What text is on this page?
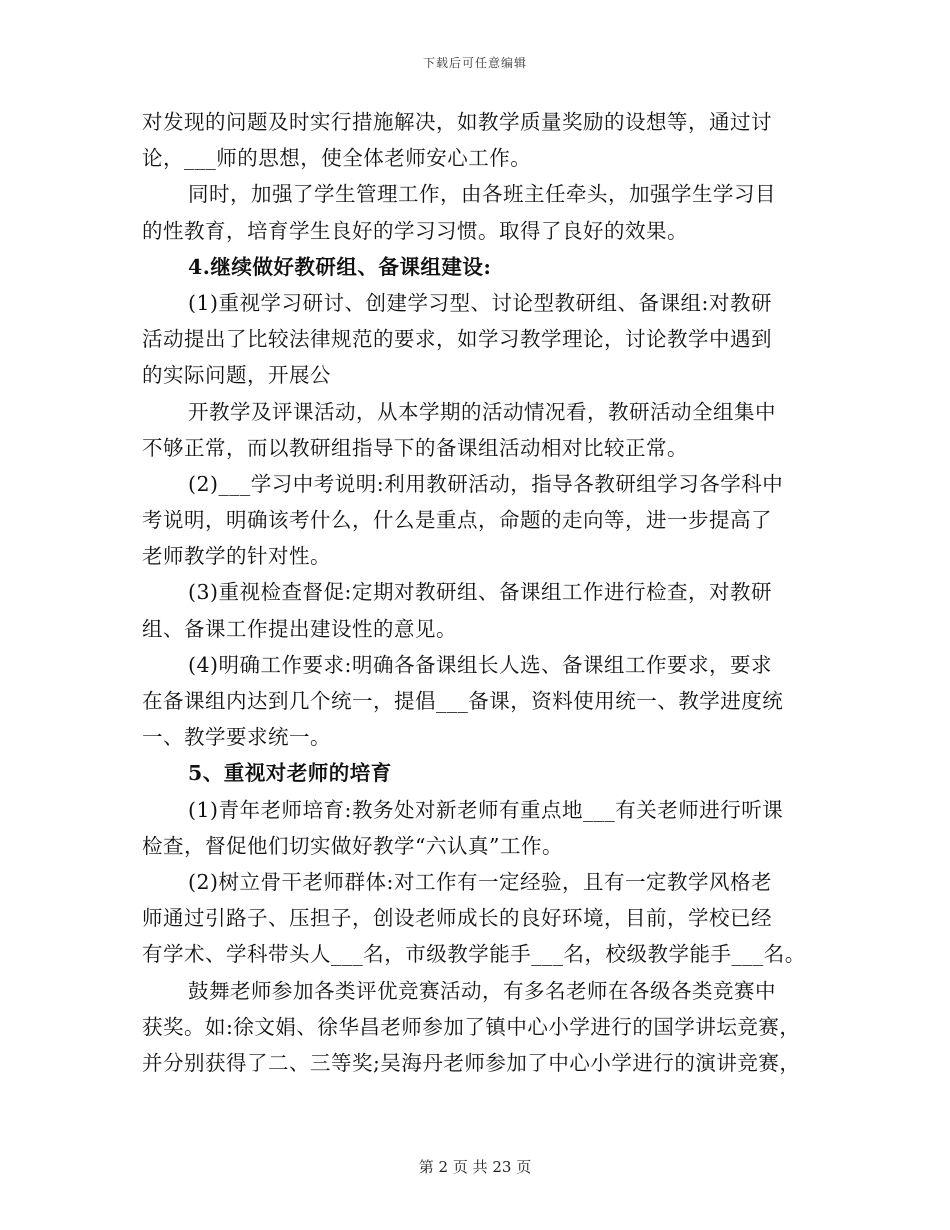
下载后可任意编辑
对发现的问题及时实行措施解决，如教学质量奖励的设想等，通过讨
论，___师的思想，使全体老师安心工作。
同时，加强了学生管理工作，由各班主任牵头，加强学生学习目
的性教育，培育学生良好的学习习惯。取得了良好的效果。
4.继续做好教研组、备课组建设:
(1)重视学习研讨、创建学习型、讨论型教研组、备课组:对教研
活动提出了比较法律规范的要求，如学习教学理论，讨论教学中遇到
的实际问题，开展公
开教学及评课活动，从本学期的活动情况看，教研活动全组集中
不够正常，而以教研组指导下的备课组活动相对比较正常。
(2)___学习中考说明:利用教研活动，指导各教研组学习各学科中
考说明，明确该考什么，什么是重点，命题的走向等，进一步提高了
老师教学的针对性。
(3)重视检查督促:定期对教研组、备课组工作进行检查，对教研
组、备课工作提出建设性的意见。
(4)明确工作要求:明确各备课组长人选、备课组工作要求，要求
在备课组内达到几个统一，提倡___备课，资料使用统一、教学进度统
一、教学要求统一。
5、重视对老师的培育
(1)青年老师培育:教务处对新老师有重点地___有关老师进行听课
检查，督促他们切实做好教学“六认真”工作。
(2)树立骨干老师群体:对工作有一定经验，且有一定教学风格老
师通过引路子、压担子，创设老师成长的良好环境，目前，学校已经
有学术、学科带头人___名，市级教学能手___名，校级教学能手___名。
鼓舞老师参加各类评优竞赛活动，有多名老师在各级各类竞赛中
获奖。如:徐文娟、徐华昌老师参加了镇中心小学进行的国学讲坛竞赛，
并分别获得了二、三等奖;吴海丹老师参加了中心小学进行的演讲竞赛，
第 2 页 共 23 页
